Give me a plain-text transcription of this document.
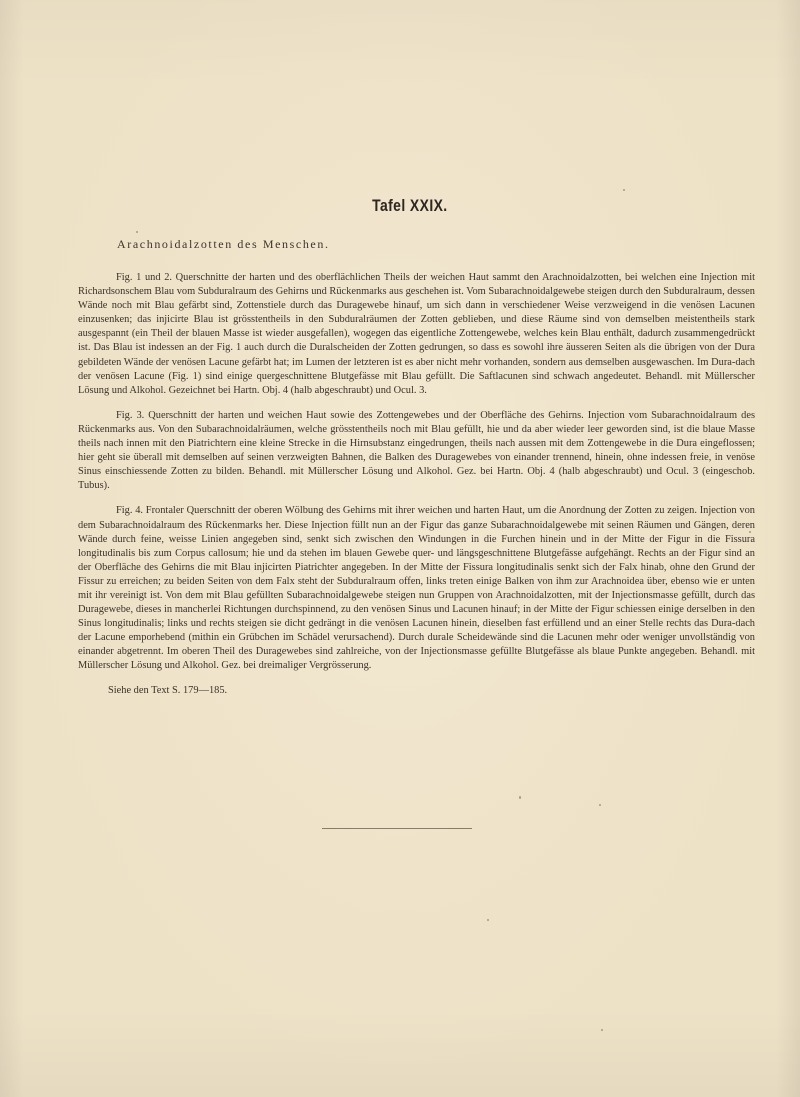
Tafel XXIX.
Arachnoidalzotten des Menschen.

Fig. 1 und 2. Querschnitte der harten und des oberflächlichen Theils der weichen Haut sammt den Arachnoidalzotten, bei welchen eine Injection mit Richardsonschem Blau vom Subduralraum des Gehirns und Rückenmarks aus geschehen ist. Vom Subarachnoidalgewebe steigen durch den Subduralraum, dessen Wände noch mit Blau gefärbt sind, Zottenstiele durch das Duragewebe hinauf, um sich dann in verschiedener Weise verzweigend in die venösen Lacunen einzusenken; das injicirte Blau ist grösstentheils in den Subduralräumen der Zotten geblieben, und diese Räume sind von demselben meistentheils stark ausgespannt (ein Theil der blauen Masse ist wieder ausgefallen), wogegen das eigentliche Zottengewebe, welches kein Blau enthält, dadurch zusammengedrückt ist. Das Blau ist indessen an der Fig. 1 auch durch die Duralscheiden der Zotten gedrungen, so dass es sowohl ihre äusseren Seiten als die übrigen von der Dura gebildeten Wände der venösen Lacune gefärbt hat; im Lumen der letzteren ist es aber nicht mehr vorhanden, sondern aus demselben ausgewaschen. Im Dura-dach der venösen Lacune (Fig. 1) sind einige quergeschnittene Blutgefässe mit Blau gefüllt. Die Saftlacunen sind schwach angedeutet. Behandl. mit Müllerscher Lösung und Alkohol. Gezeichnet bei Hartn. Obj. 4 (halb abgeschraubt) und Ocul. 3.

Fig. 3. Querschnitt der harten und weichen Haut sowie des Zottengewebes und der Oberfläche des Gehirns. Injection vom Subarachnoidalraum des Rückenmarks aus. Von den Subarachnoidalräumen, welche grösstentheils noch mit Blau gefüllt, hie und da aber wieder leer geworden sind, ist die blaue Masse theils nach innen mit den Piatrichtern eine kleine Strecke in die Hirnsubstanz eingedrungen, theils nach aussen mit dem Zottengewebe in die Dura eingeflossen; hier geht sie überall mit demselben auf seinen verzweigten Bahnen, die Balken des Duragewebes von einander trennend, hinein, ohne indessen freie, in venöse Sinus einschiessende Zotten zu bilden. Behandl. mit Müllerscher Lösung und Alkohol. Gez. bei Hartn. Obj. 4 (halb abgeschraubt) und Ocul. 3 (eingeschob. Tubus).

Fig. 4. Frontaler Querschnitt der oberen Wölbung des Gehirns mit ihrer weichen und harten Haut, um die Anordnung der Zotten zu zeigen. Injection von dem Subarachnoidalraum des Rückenmarks her. Diese Injection füllt nun an der Figur das ganze Subarachnoidalgewebe mit seinen Räumen und Gängen, deren Wände durch feine, weisse Linien angegeben sind, senkt sich zwischen den Windungen in die Furchen hinein und in der Mitte der Figur in die Fissura longitudinalis bis zum Corpus callosum; hie und da stehen im blauen Gewebe quer- und längsgeschnittene Blutgefässe aufgehängt. Rechts an der Figur sind an der Oberfläche des Gehirns die mit Blau injicirten Piatrichter angegeben. In der Mitte der Fissura longitudinalis senkt sich der Falx hinab, ohne den Grund der Fissur zu erreichen; zu beiden Seiten von dem Falx steht der Subduralraum offen, links treten einige Balken von ihm zur Arachnoidea über, ebenso wie er unten mit ihr vereinigt ist. Von dem mit Blau gefüllten Subarachnoidalgewebe steigen nun Gruppen von Arachnoidalzotten, mit der Injectionsmasse gefüllt, durch das Duragewebe, dieses in mancherlei Richtungen durchspinnend, zu den venösen Sinus und Lacunen hinauf; in der Mitte der Figur schiessen einige derselben in den Sinus longitudinalis; links und rechts steigen sie dicht gedrängt in die venösen Lacunen hinein, dieselben fast erfüllend und an einer Stelle rechts das Dura-dach der Lacune emporhebend (mithin ein Grübchen im Schädel verursachend). Durch durale Scheidewände sind die Lacunen mehr oder weniger unvollständig von einander abgetrennt. Im oberen Theil des Duragewebes sind zahlreiche, von der Injectionsmasse gefüllte Blutgefässe als blaue Punkte angegeben. Behandl. mit Müllerscher Lösung und Alkohol. Gez. bei dreimaliger Vergrösserung.

Siehe den Text S. 179—185.
